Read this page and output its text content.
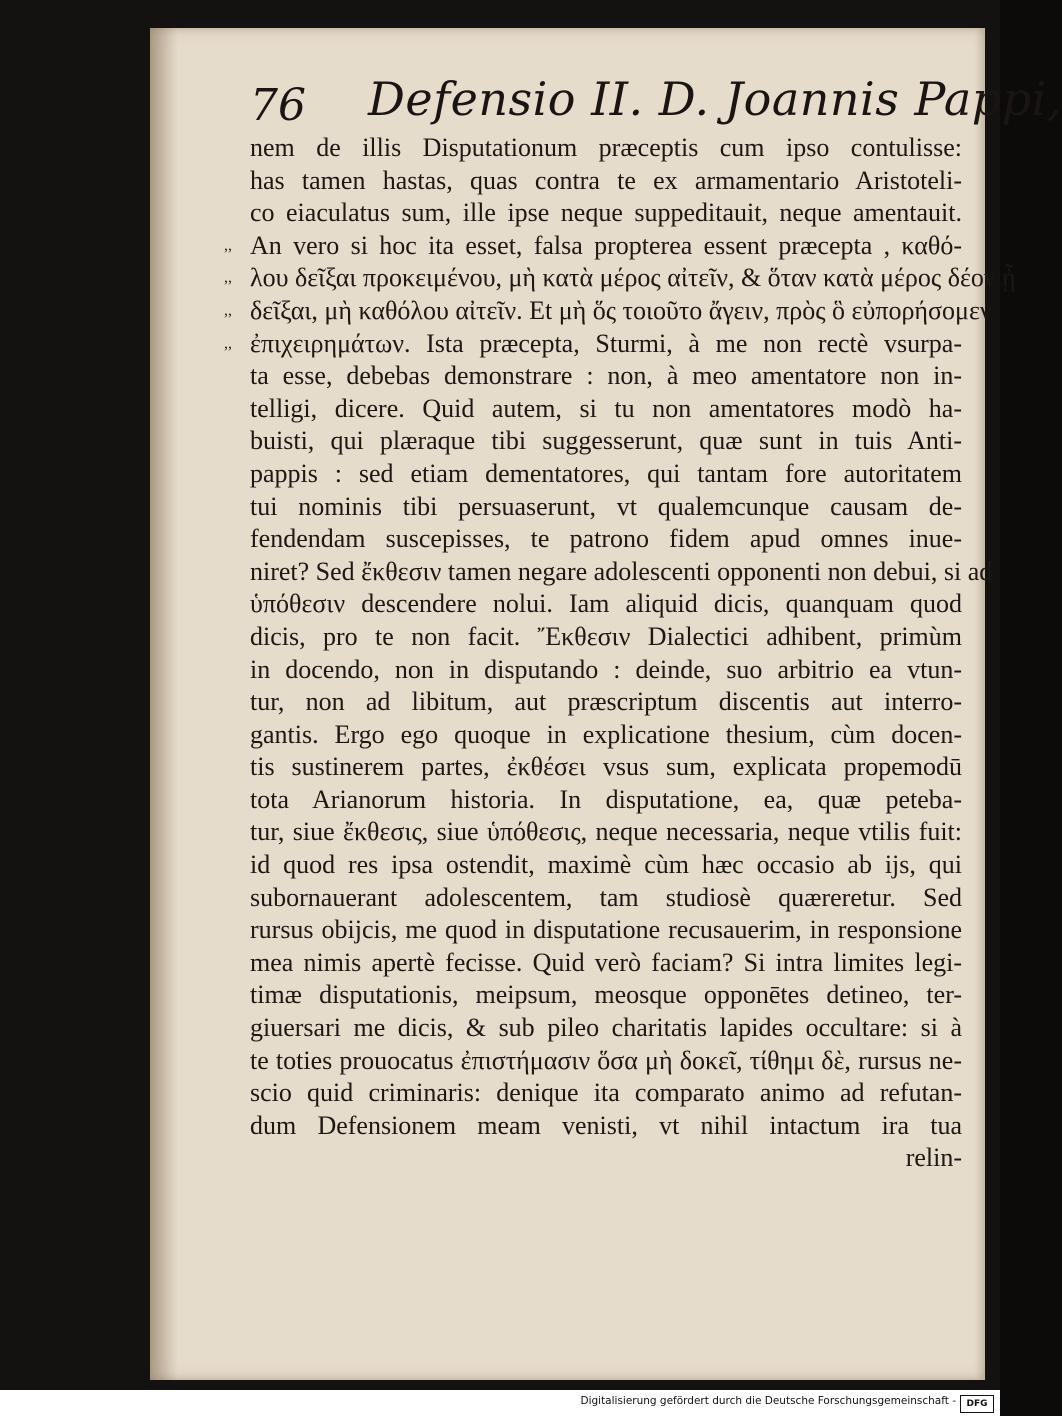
76 Defensio II. D. Joannis Pappi,
nem de illis Disputationum præceptis cum ipso contulisse:
has tamen hastas, quas contra te ex armamentario Aristoteli-
co eiaculatus sum, ille ipse neque suppeditauit, neque amentauit.
,, An vero si hoc ita esset, falsa propterea essent præcepta , καθό-
,, λου δεῖξαι προκειμένου, μὴ κατὰ μέρος αἰτεῖν, & ὅταν κατὰ μέρος δέον ᾖ
,, δεῖξαι, μὴ καθόλου αἰτεῖν. Et μὴ ὅς τοιοῦτο ἄγειν, πρὸς ὃ εὐπορήσομεν
,, ἐπιχειρημάτων. Ista præcepta, Sturmi, à me non rectè vsurpa-
ta esse, debebas demonstrare : non, à meo amentatore non in-
telligi, dicere. Quid autem, si tu non amentatores modò ha-
buisti, qui plæraque tibi suggesserunt, quæ sunt in tuis Anti-
pappis : sed etiam dementatores, qui tantam fore autoritatem
tui nominis tibi persuaserunt, vt qualemcunque causam de-
fendendam suscepisses, te patrono fidem apud omnes inue-
niret? Sed ἔκθεσιν tamen negare adolescenti opponenti non debui, si ad
ὑπόθεσιν descendere nolui. Iam aliquid dicis, quanquam quod
dicis, pro te non facit. Ἔκθεσιν Dialectici adhibent, primùm
in docendo, non in disputando : deinde, suo arbitrio ea vtun-
tur, non ad libitum, aut præscriptum discentis aut interro-
gantis. Ergo ego quoque in explicatione thesium, cùm docen-
tis sustinerem partes, ἐκθέσει vsus sum, explicata propemodū
tota Arianorum historia. In disputatione, ea, quæ peteba-
tur, siue ἔκθεσις, siue ὑπόθεσις, neque necessaria, neque vtilis fuit:
id quod res ipsa ostendit, maximè cùm hæc occasio ab ijs, qui
subornauerant adolescentem, tam studiosè quæreretur. Sed
rursus obijcis, me quod in disputatione recusauerim, in responsione
mea nimis apertè fecisse. Quid verò faciam? Si intra limites legi-
timæ disputationis, meipsum, meosque opponētes detineo, ter-
giuersari me dicis, & sub pileo charitatis lapides occultare: si à
te toties prouocatus ἐπιστήμασιν ὅσα μὴ δοκεῖ, τίθημι δὲ, rursus ne-
scio quid criminaris: denique ita comparato animo ad refutan-
dum Defensionem meam venisti, vt nihil intactum ira tua
relin-
Digitalisierung gefördert durch die Deutsche Forschungsgemeinschaft -	DFG
